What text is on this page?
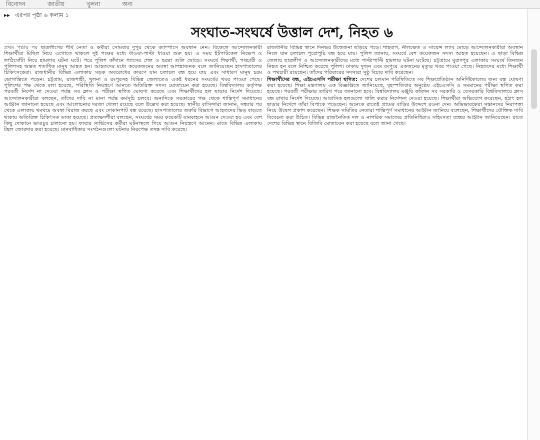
বিনোদন	জাতীয়	খুলনা	অন্য
▸▸ এরপর পৃষ্ঠা ৬ কলাম ১
সংঘাত-সংঘর্ষে উত্তাল দেশ, নিহত ৬

প্রথম পৃষ্ঠার পর ছাত্রলীগের শীর্ষ নেতা ও কর্মীরা সোমবার দুপুর থেকে ক্যাম্পাসে অবস্থান নেন। বিকেলে আন্দোলনকারী শিক্ষার্থীরা মিছিল নিয়ে এগোতে থাকলে দুই পক্ষের মধ্যে ধাওয়া-পাল্টা ধাওয়া শুরু হয়। এ সময় ইটপাটকেল নিক্ষেপ ও লাঠিসোঁটা নিয়ে হামলার ঘটনা ঘটে। পরে পুলিশ কাঁদানে গ্যাসের শেল ও ছররা গুলি ছোড়ে। সংঘর্ষে শিক্ষার্থী, পথচারী ও পুলিশসহ অন্তত শতাধিক মানুষ আহত হন। আহতদের মধ্যে কয়েকজনের অবস্থা আশঙ্কাজনক বলে জানিয়েছেন হাসপাতালের চিকিৎসকেরা। রাজধানীর বিভিন্ন এলাকায় সড়ক অবরোধের কারণে যান চলাচল বন্ধ হয়ে যায় এবং সাধারণ মানুষ চরম ভোগান্তিতে পড়েন। চট্টগ্রাম, রাজশাহী, খুলনা ও রংপুরসহ বিভিন্ন জেলাতেও একই ধরনের সংঘর্ষের খবর পাওয়া গেছে। পুলিশের পক্ষ থেকে বলা হয়েছে, পরিস্থিতি নিয়ন্ত্রণে আনতে অতিরিক্ত সদস্য মোতায়েন করা হয়েছে। বিশ্ববিদ্যালয় কর্তৃপক্ষ পরবর্তী নির্দেশ না দেওয়া পর্যন্ত সব ক্লাস ও পরীক্ষা স্থগিত ঘোষণা করেছে এবং শিক্ষার্থীদের হল ছাড়ার নির্দেশ দিয়েছে। আন্দোলনকারীরা বলছেন, তাঁদের দাবি না মানা পর্যন্ত কর্মসূচি চলবে। অন্যদিকে সরকারের পক্ষ থেকে শান্তিপূর্ণ সমাধানের আহ্বান জানানো হয়েছে এবং আলোচনার দরজা খোলা রয়েছে বলে উল্লেখ করা হয়েছে। স্থানীয় বাসিন্দারা জানান, সন্ধ্যার পর থেকে এলাকায় থমথমে অবস্থা বিরাজ করছে এবং দোকানপাট বন্ধ রয়েছে। হাসপাতালের জরুরি বিভাগে আহতদের ভিড় বাড়তে থাকায় অতিরিক্ত চিকিৎসক ডাকা হয়েছে। প্রত্যক্ষদর্শীরা বলছেন, সংঘর্ষের সময় কয়েকটি যানবাহনে আগুন দেওয়া হয় এবং বেশ কিছু দোকানে ভাঙচুর চালানো হয়। ফায়ার সার্ভিসের কর্মীরা ঘটনাস্থলে গিয়ে আগুন নিয়ন্ত্রণে আনেন। রাতে বিভিন্ন এলাকায় টহল জোরদার করা হয়েছে। মানবাধিকার সংগঠনগুলো ঘটনার নিরপেক্ষ তদন্ত দাবি করেছে।

রাজধানীর বিভিন্ন স্থানে দিনভর উত্তেজনা ছড়িয়ে পড়ে। শাহবাগ, নীলক্ষেত ও সায়েন্স ল্যাব মোড়ে আন্দোলনকারীরা অবস্থান নিলে যান চলাচল পুরোপুরি বন্ধ হয়ে যায়। পুলিশ জানায়, সংঘর্ষে বেশ কয়েকজন সদস্য আহত হয়েছেন। এ ছাড়া বিভিন্ন জেলায় ছাত্রলীগ ও আন্দোলনকারীদের মধ্যে পাল্টাপাল্টি হামলার ঘটনা ঘটেছে। চট্টগ্রামে মুরাদপুর এলাকায় সংঘর্ষে তিনজন নিহত হন বলে নিশ্চিত করেছে পুলিশ। ঢাকায় দুজন এবং রংপুরে একজনের মৃত্যুর খবর পাওয়া গেছে। নিহতদের মধ্যে শিক্ষার্থী ও পথচারী রয়েছেন। তাঁদের পরিবারের সদস্যরা সুষ্ঠু বিচার দাবি করেছেন।

শিক্ষার্থীদের বন্ধ, এইচএসসি পরীক্ষা স্থগিত: দেশের চলমান পরিস্থিতিতে সব শিক্ষাপ্রতিষ্ঠান অনির্দিষ্টকালের জন্য বন্ধ ঘোষণা করা হয়েছে। শিক্ষা মন্ত্রণালয় এক বিজ্ঞপ্তিতে জানিয়েছে, বৃহস্পতিবার অনুষ্ঠেয় এইচএসসি ও সমমানের পরীক্ষা স্থগিত করা হয়েছে। পরবর্তী পরীক্ষার তারিখ পরে জানানো হবে। বিশ্ববিদ্যালয় মঞ্জুরি কমিশন সব সরকারি ও বেসরকারি বিশ্ববিদ্যালয়ে ক্লাস বন্ধ রাখার নির্দেশ দিয়েছে। আবাসিক হলগুলো খালি করার নির্দেশনা দেওয়া হয়েছে। শিক্ষার্থীরা অভিযোগ করেছেন, হঠাৎ হল ছাড়ার নির্দেশে তাঁরা বিপাকে পড়েছেন। অনেকে রাতেই গ্রামের বাড়ির উদ্দেশে রওনা দেন। অভিভাবকেরা সন্তানদের নিরাপত্তা নিয়ে উদ্বেগ প্রকাশ করেছেন। শিক্ষক সমিতির নেতারা শান্তিপূর্ণ সমাধানের আহ্বান জানিয়ে বলেছেন, শিক্ষার্থীদের যৌক্তিক দাবি বিবেচনা করা উচিত। বিভিন্ন রাজনৈতিক দল ও নাগরিক সমাজের প্রতিনিধিরাও সহিংসতা বন্ধের আহ্বান জানিয়েছেন। রাতে দেশের বিভিন্ন স্থানে বিজিবি মোতায়েন করা হয়েছে বলে জানা গেছে।
